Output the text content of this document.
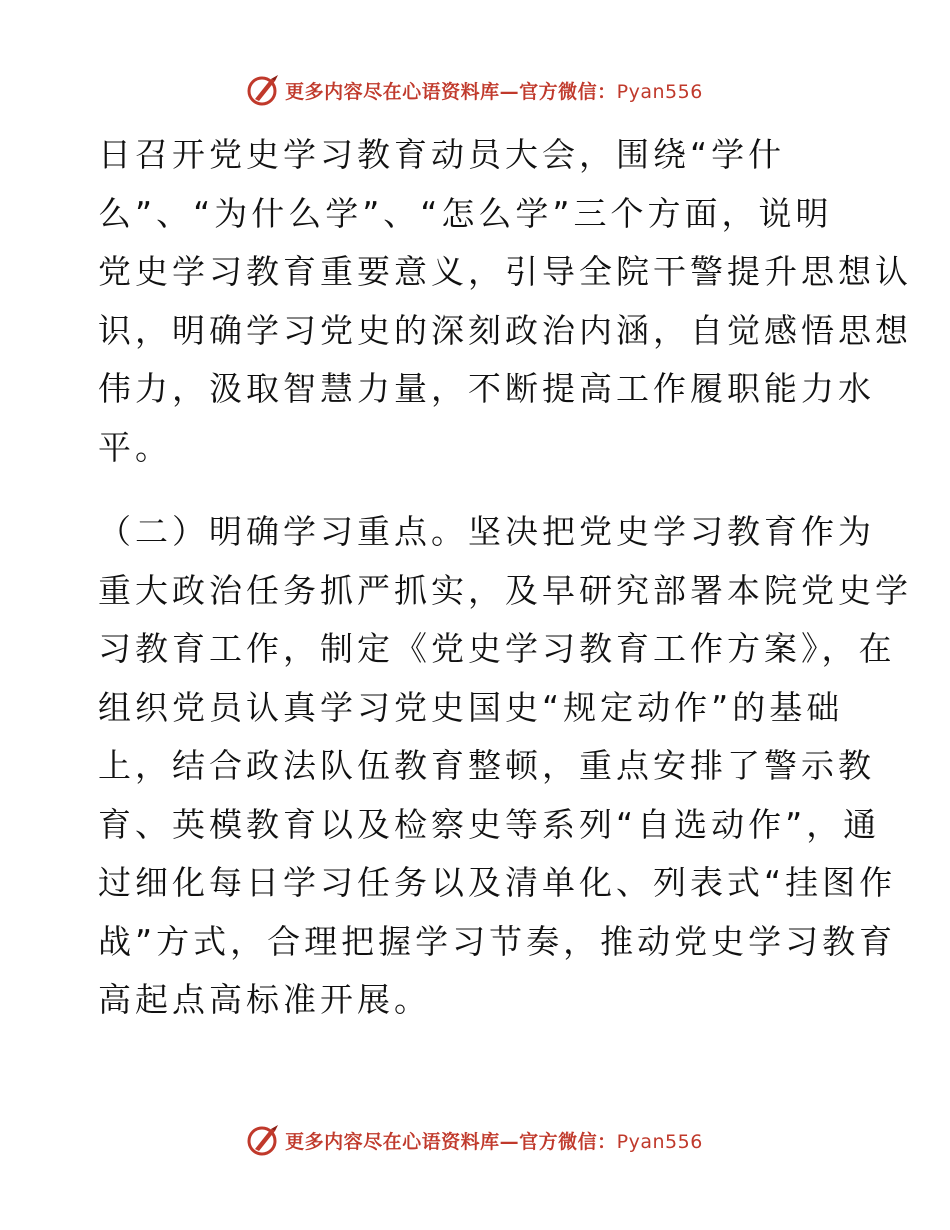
更多内容尽在心语资料库—官方微信：Pyan556
日召开党史学习教育动员大会，围绕“学什
么”、“为什么学”、“怎么学”三个方面，说明
党史学习教育重要意义，引导全院干警提升思想认
识，明确学习党史的深刻政治内涵，自觉感悟思想
伟力，汲取智慧力量，不断提高工作履职能力水
平。
（二）明确学习重点。坚决把党史学习教育作为
重大政治任务抓严抓实，及早研究部署本院党史学
习教育工作，制定《党史学习教育工作方案》，在
组织党员认真学习党史国史“规定动作”的基础
上，结合政法队伍教育整顿，重点安排了警示教
育、英模教育以及检察史等系列“自选动作”，通
过细化每日学习任务以及清单化、列表式“挂图作
战”方式，合理把握学习节奏，推动党史学习教育
高起点高标准开展。
更多内容尽在心语资料库—官方微信：Pyan556
